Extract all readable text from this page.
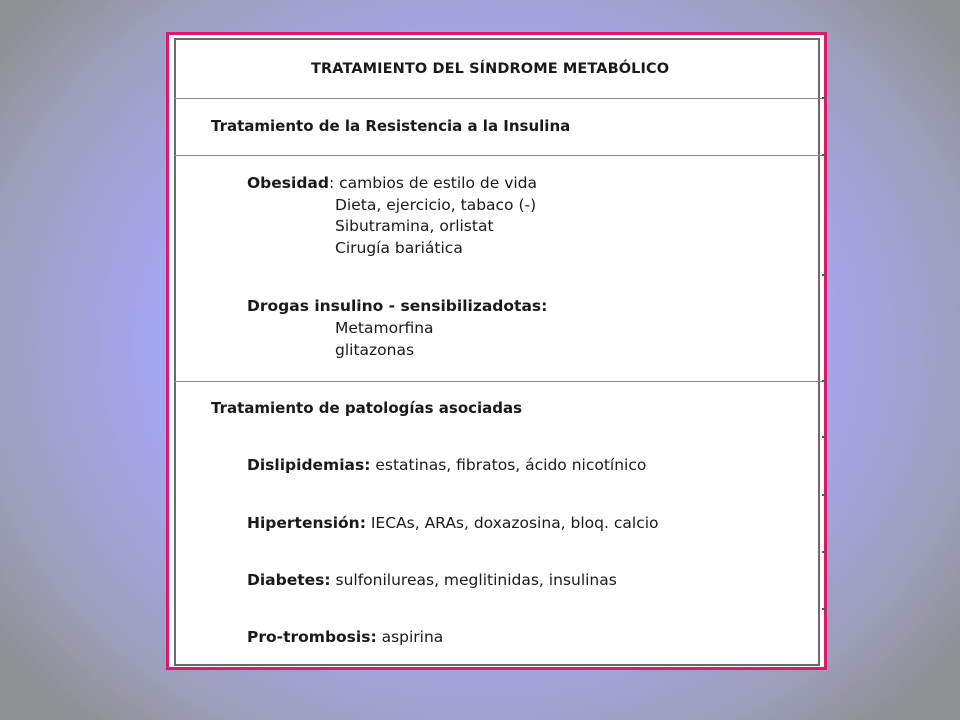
TRATAMIENTO DEL SÍNDROME METABÓLICO
Tratamiento de la Resistencia a la Insulina
Obesidad: cambios de estilo de vida
Dieta, ejercicio, tabaco (-)
Sibutramina, orlistat
Cirugía bariática
Drogas insulino - sensibilizadotas:
Metamorfina
glitazonas
Tratamiento de patologías asociadas
Dislipidemias: estatinas, fibratos, ácido nicotínico
Hipertensión: IECAs, ARAs, doxazosina, bloq. calcio
Diabetes: sulfonilureas, meglitinidas, insulinas
Pro-trombosis: aspirina
